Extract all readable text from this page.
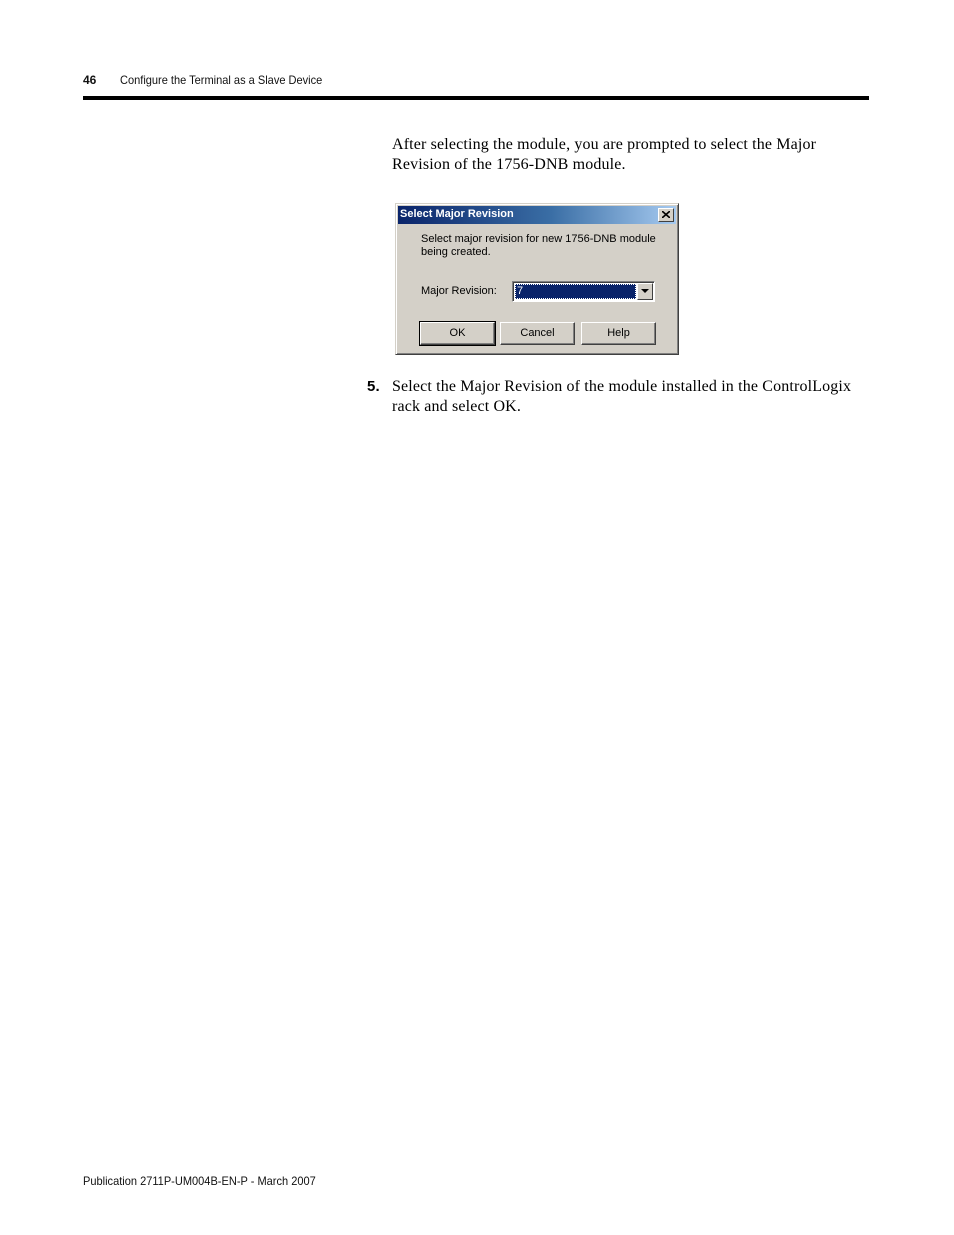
46 Configure the Terminal as a Slave Device
After selecting the module, you are prompted to select the Major Revision of the 1756-DNB module.
Select Major Revision
Select major revision for new 1756-DNB module being created.
Major Revision: 7
OK	Cancel	Help
5. Select the Major Revision of the module installed in the ControlLogix rack and select OK.
Publication 2711P-UM004B-EN-P - March 2007
